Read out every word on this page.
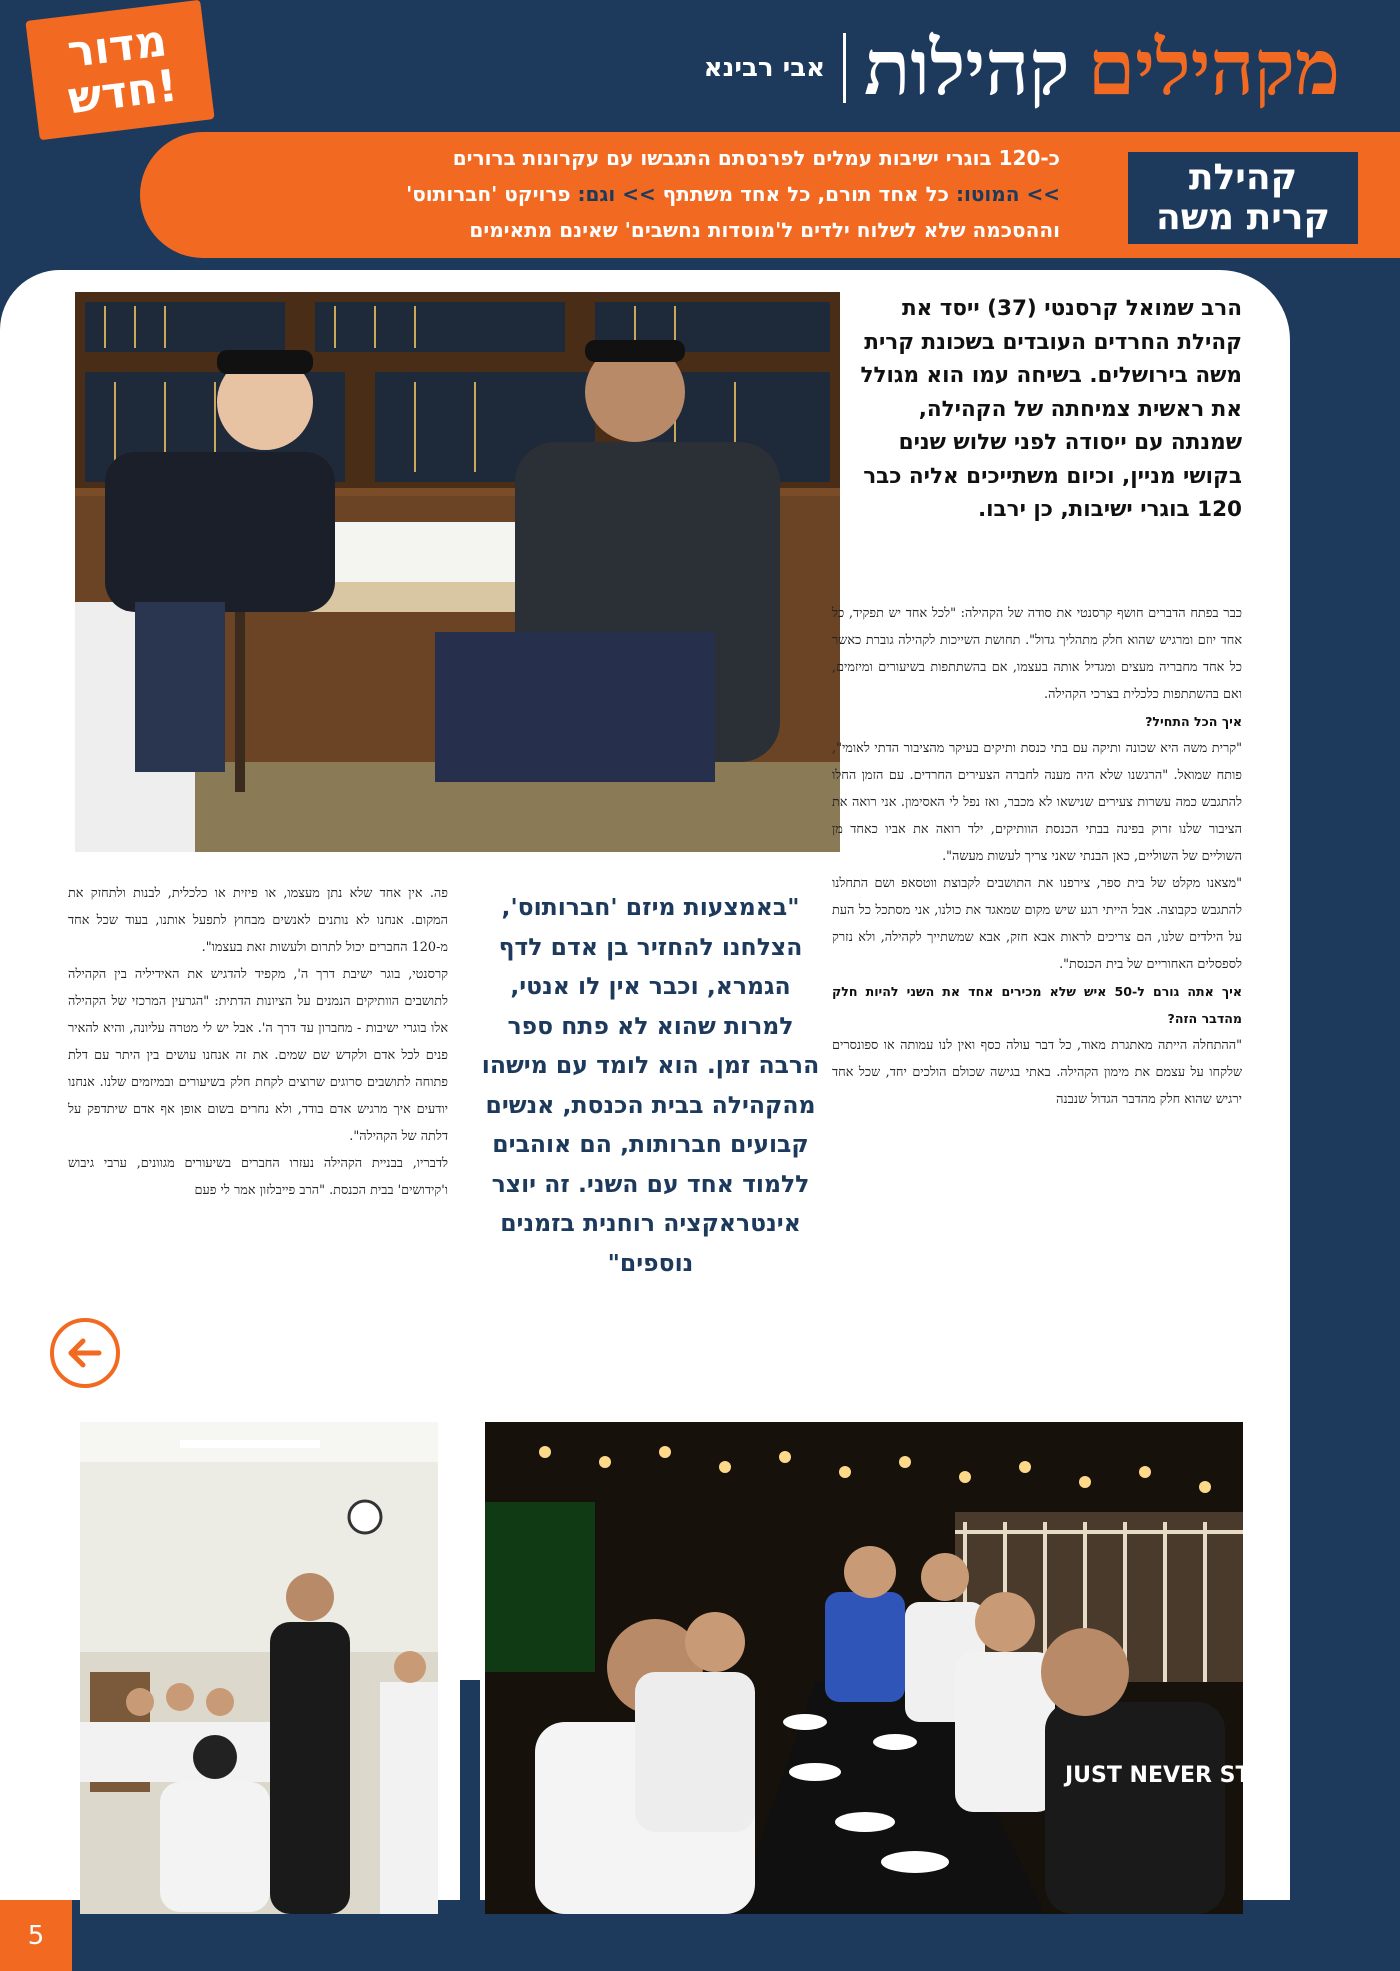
מדור
חדש!	מקהילים
קהילות
אבי רבינא
קהילת
קרית משה
כ-120 בוגרי ישיבות עמלים לפרנסתם התגבשו עם עקרונות ברורים
>> המוטו: כל אחד תורם, כל אחד משתתף >> וגם: פרויקט 'חברותוס'
וההסכמה שלא לשלוח ילדים ל'מוסדות נחשבים' שאינם מתאימים
הרב שמואל קרסנטי (37) ייסד את קהילת החרדים העובדים בשכונת קרית משה בירושלים. בשיחה עמו הוא מגולל את ראשית צמיחתה של הקהילה, שמנתה עם ייסודה לפני שלוש שנים בקושי מניין, וכיום משתייכים אליה כבר 120 בוגרי ישיבות, כן ירבו.

כבר בפתח הדברים חושף קרסנטי את סודה של הקהילה: "לכל אחד יש תפקיד, כל אחד יוזם ומרגיש שהוא חלק מתהליך גדול". תחושת השייכות לקהילה גוברת כאשר כל אחד מחבריה מעצים ומגדיל אותה בעצמו, אם בהשתתפות בשיעורים ומיזמים, ואם בהשתתפות כלכלית בצרכי הקהילה.

איך הכל התחיל?

"קרית משה היא שכונה ותיקה עם בתי כנסת ותיקים בעיקר מהציבור הדתי לאומי", פותח שמואל. "הרגשנו שלא היה מענה לחברה הצעירים החרדים. עם הזמן החלו להתגבש כמה עשרות צעירים שנישאו לא מכבר, ואז נפל לי האסימון. אני רואה את הציבור שלנו זרוק בפינה בבתי הכנסת הוותיקים, ילד רואה את אביו כאחד מן השוליים של השוליים, כאן הבנתי שאני צריך לעשות מעשה".

"מצאנו מקלט של בית ספר, צירפנו את התושבים לקבוצת ווטסאפ ושם התחלנו להתגבש כקבוצה. אבל הייתי רגע שיש מקום שמאגד את כולנו, אני מסתכל כל העת על הילדים שלנו, הם צריכים לראות אבא חזק, אבא שמשתייך לקהילה, ולא נזרק לספסלים האחוריים של בית הכנסת".

איך אתה גורם ל-50 איש שלא מכירים אחד את השני להיות חלק מהדבר הזה?

"ההתחלה הייתה מאתגרת מאוד, כל דבר עולה כסף ואין לנו עמותה או ספונסרים שלקחו על עצמם את מימון הקהילה. באתי בגישה שכולם הולכים יחד, שכל אחד ירגיש שהוא חלק מהדבר הגדול שנבנה

"באמצעות מיזם 'חברותוס', הצלחנו להחזיר בן אדם לדף הגמרא, וכבר אין לו אנטי, למרות שהוא לא פתח ספר הרבה זמן. הוא לומד עם מישהו מהקהילה בבית הכנסת, אנשים קבועים חברותות, הם אוהבים ללמוד אחד עם השני. זה יוצר אינטראקציה רוחנית בזמנים נוספים"

פה. אין אחד שלא נתן מעצמו, או פיזית או כלכלית, לבנות ולתחזק את המקום. אנחנו לא נותנים לאנשים מבחוץ לתפעל אותנו, בעוד שכל אחד מ-120 החברים יכול לתרום ולעשות זאת בעצמו".

קרסנטי, בוגר ישיבת דרך ה', מקפיד להדגיש את האידיליה בין הקהילה לתושבים הוותיקים הנמנים על הציונות הדתית: "הגרעין המרכזי של הקהילה אלו בוגרי ישיבות - מחברון עד דרך ה'. אבל יש לי מטרה עליונה, והיא להאיר פנים לכל אדם ולקדש שם שמים. את זה אנחנו עושים בין היתר עם דלת פתוחה לתושבים סרוגים שרוצים לקחת חלק בשיעורים ובמיזמים שלנו. אנחנו יודעים איך מרגיש אדם בודד, ולא נחרים בשום אופן אף אדם שיתדפק על דלתה של הקהילה".

לדבריו, בבניית הקהילה נעזרו החברים בשיעורים מגוונים, ערבי גיבוש ו'קידושים' בבית הכנסת. "הרב פייבלזון אמר לי פעם

JUST NEVER STOP.
5
